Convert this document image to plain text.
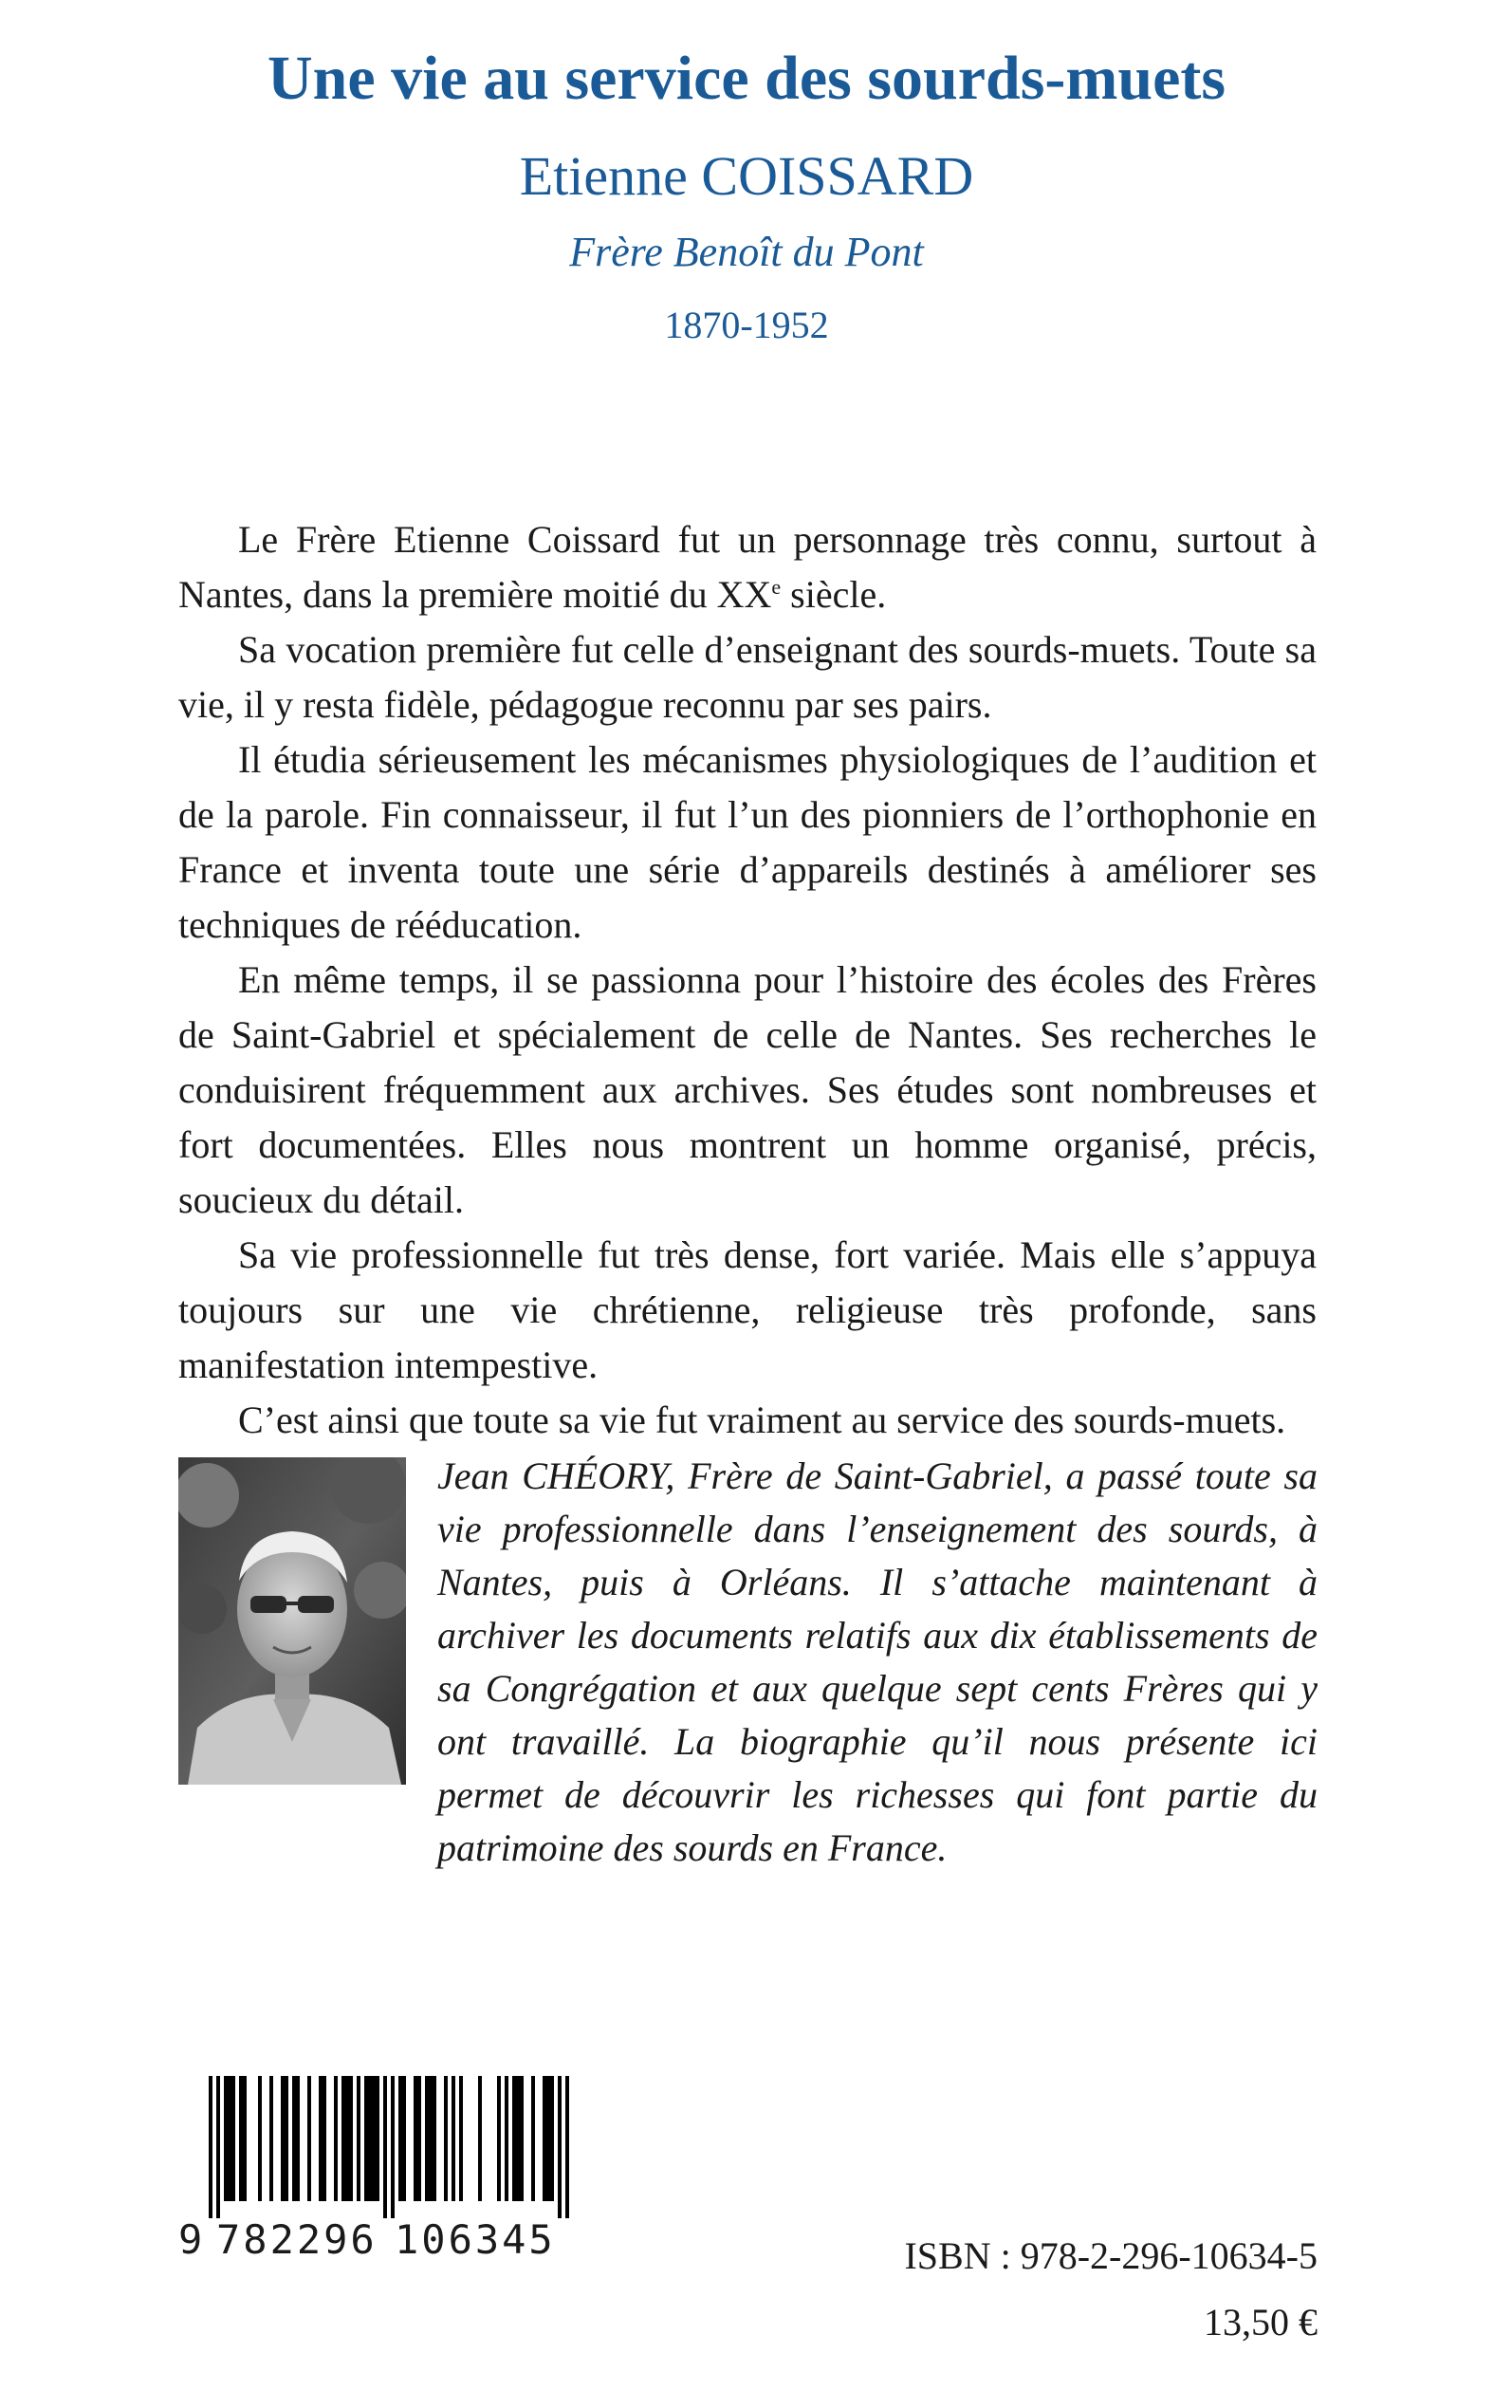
Une vie au service des sourds-muets
Etienne COISSARD
Frère Benoît du Pont
1870-1952

Le Frère Etienne Coissard fut un personnage très connu, surtout à Nantes, dans la première moitié du XXe siècle.

Sa vocation première fut celle d’enseignant des sourds-muets. Toute sa vie, il y resta fidèle, pédagogue reconnu par ses pairs.

Il étudia sérieusement les mécanismes physiologiques de l’audition et de la parole. Fin connaisseur, il fut l’un des pionniers de l’orthophonie en France et inventa toute une série d’appareils destinés à améliorer ses techniques de rééducation.

En même temps, il se passionna pour l’histoire des écoles des Frères de Saint-Gabriel et spécialement de celle de Nantes. Ses recherches le conduisirent fréquemment aux archives. Ses études sont nombreuses et fort documentées. Elles nous montrent un homme organisé, précis, soucieux du détail.

Sa vie professionnelle fut très dense, fort variée. Mais elle s’appuya toujours sur une vie chrétienne, religieuse très profonde, sans manifestation intempestive.

C’est ainsi que toute sa vie fut vraiment au service des sourds-muets.

Jean CHÉORY, Frère de Saint-Gabriel, a passé toute sa vie professionnelle dans l’enseignement des sourds, à Nantes, puis à Orléans. Il s’attache maintenant à archiver les documents relatifs aux dix établissements de sa Congrégation et aux quelque sept cents Frères qui y ont travaillé. La biographie qu’il nous présente ici permet de découvrir les richesses qui font partie du patrimoine des sourds en France.

9 782296 106345	ISBN : 978-2-296-10634-5
13,50 €
